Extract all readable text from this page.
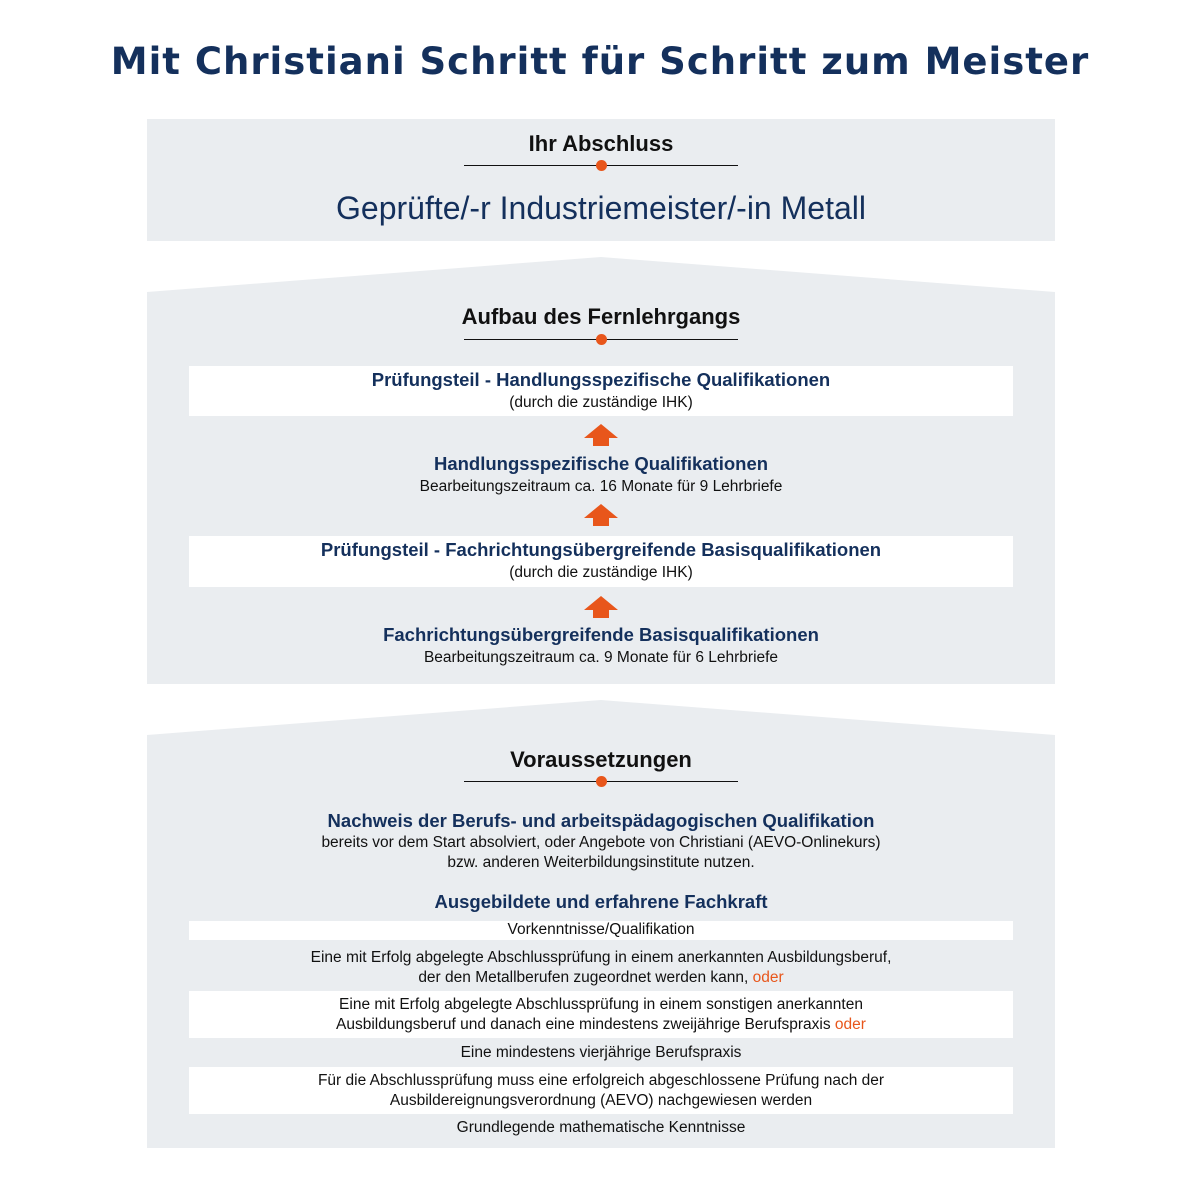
Mit Christiani Schritt für Schritt zum Meister
Ihr Abschluss
Geprüfte/-r Industriemeister/-in Metall
Aufbau des Fernlehrgangs
Prüfungsteil - Handlungsspezifische Qualifikationen
(durch die zuständige IHK)
Handlungsspezifische Qualifikationen
Bearbeitungszeitraum ca. 16 Monate für 9 Lehrbriefe
Prüfungsteil - Fachrichtungsübergreifende Basisqualifikationen
(durch die zuständige IHK)
Fachrichtungsübergreifende Basisqualifikationen
Bearbeitungszeitraum ca. 9 Monate für 6 Lehrbriefe
Voraussetzungen
Nachweis der Berufs- und arbeitspädagogischen Qualifikation
bereits vor dem Start absolviert, oder Angebote von Christiani (AEVO-Onlinekurs)
bzw. anderen Weiterbildungsinstitute nutzen.
Ausgebildete und erfahrene Fachkraft
Vorkenntnisse/Qualifikation
Eine mit Erfolg abgelegte Abschlussprüfung in einem anerkannten Ausbildungsberuf,
der den Metallberufen zugeordnet werden kann, oder
Eine mit Erfolg abgelegte Abschlussprüfung in einem sonstigen anerkannten
Ausbildungsberuf und danach eine mindestens zweijährige Berufspraxis oder
Eine mindestens vierjährige Berufspraxis
Für die Abschlussprüfung muss eine erfolgreich abgeschlossene Prüfung nach der
Ausbildereignungsverordnung (AEVO) nachgewiesen werden
Grundlegende mathematische Kenntnisse
